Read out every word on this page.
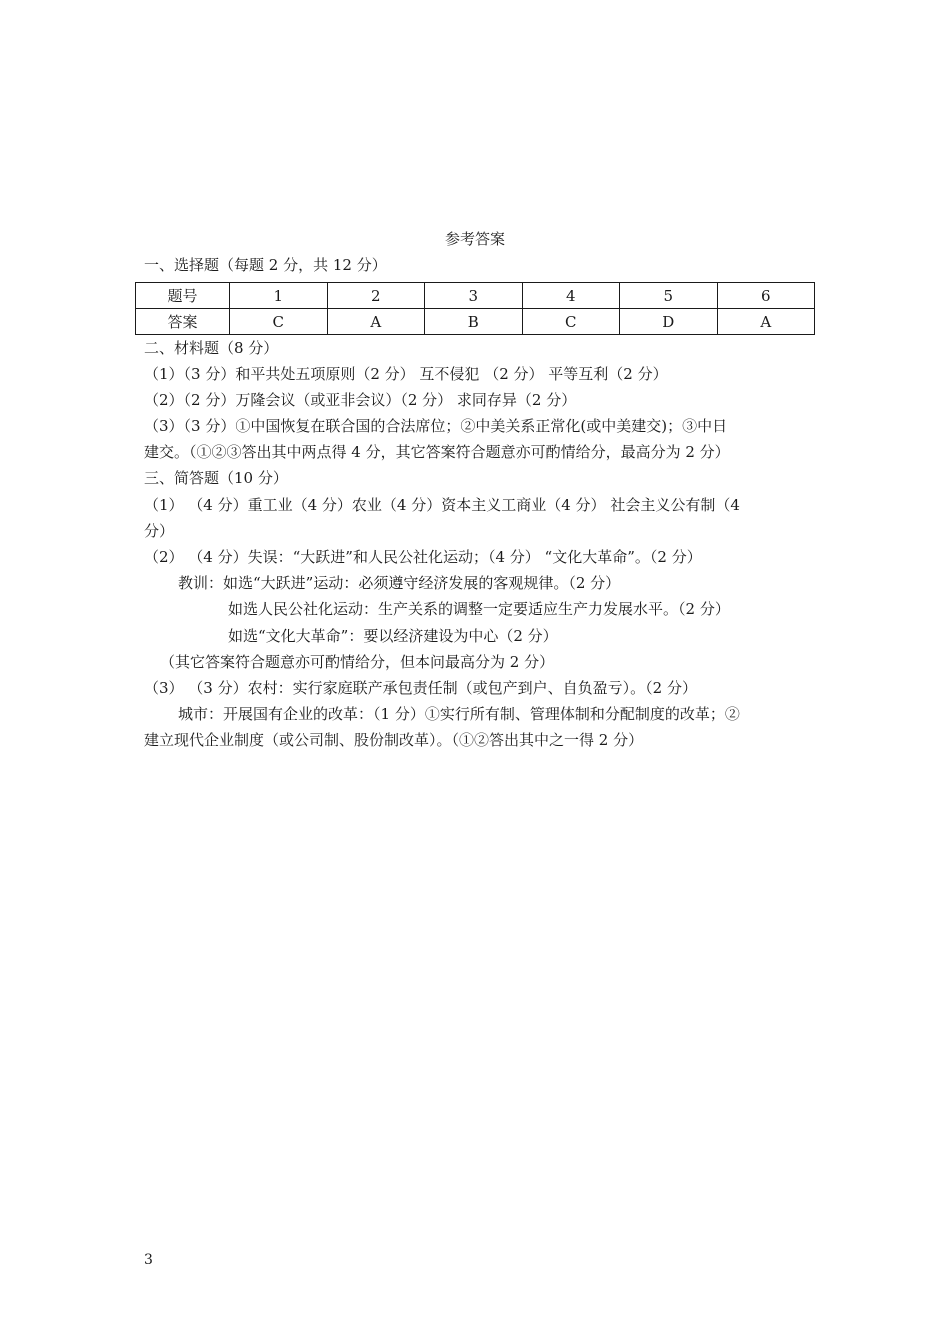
参考答案
一、选择题（每题 2 分，共 12 分）
题号	1	2	3	4	5	6
答案	C	A	B	C	D	A
二、材料题（8 分）
（1）（3 分）和平共处五项原则（2 分） 互不侵犯 （2 分） 平等互利（2 分）
（2）（2 分）万隆会议（或亚非会议）（2 分） 求同存异（2 分）
（3）（3 分）①中国恢复在联合国的合法席位；②中美关系正常化(或中美建交)；③中日
建交。（①②③答出其中两点得 4 分，其它答案符合题意亦可酌情给分，最高分为 2 分）
三、简答题（10 分）
（1） （4 分）重工业（4 分）农业（4 分）资本主义工商业（4 分） 社会主义公有制（4
分）
（2） （4 分）失误：“大跃进”和人民公社化运动；（4 分） “文化大革命”。（2 分）
教训：如选“大跃进”运动：必须遵守经济发展的客观规律。（2 分）
如选人民公社化运动：生产关系的调整一定要适应生产力发展水平。（2 分）
如选“文化大革命”：要以经济建设为中心（2 分）
（其它答案符合题意亦可酌情给分，但本问最高分为 2 分）
（3） （3 分）农村：实行家庭联产承包责任制（或包产到户、自负盈亏）。（2 分）
城市：开展国有企业的改革：（1 分）①实行所有制、管理体制和分配制度的改革；②
建立现代企业制度（或公司制、股份制改革）。（①②答出其中之一得 2 分）
3
